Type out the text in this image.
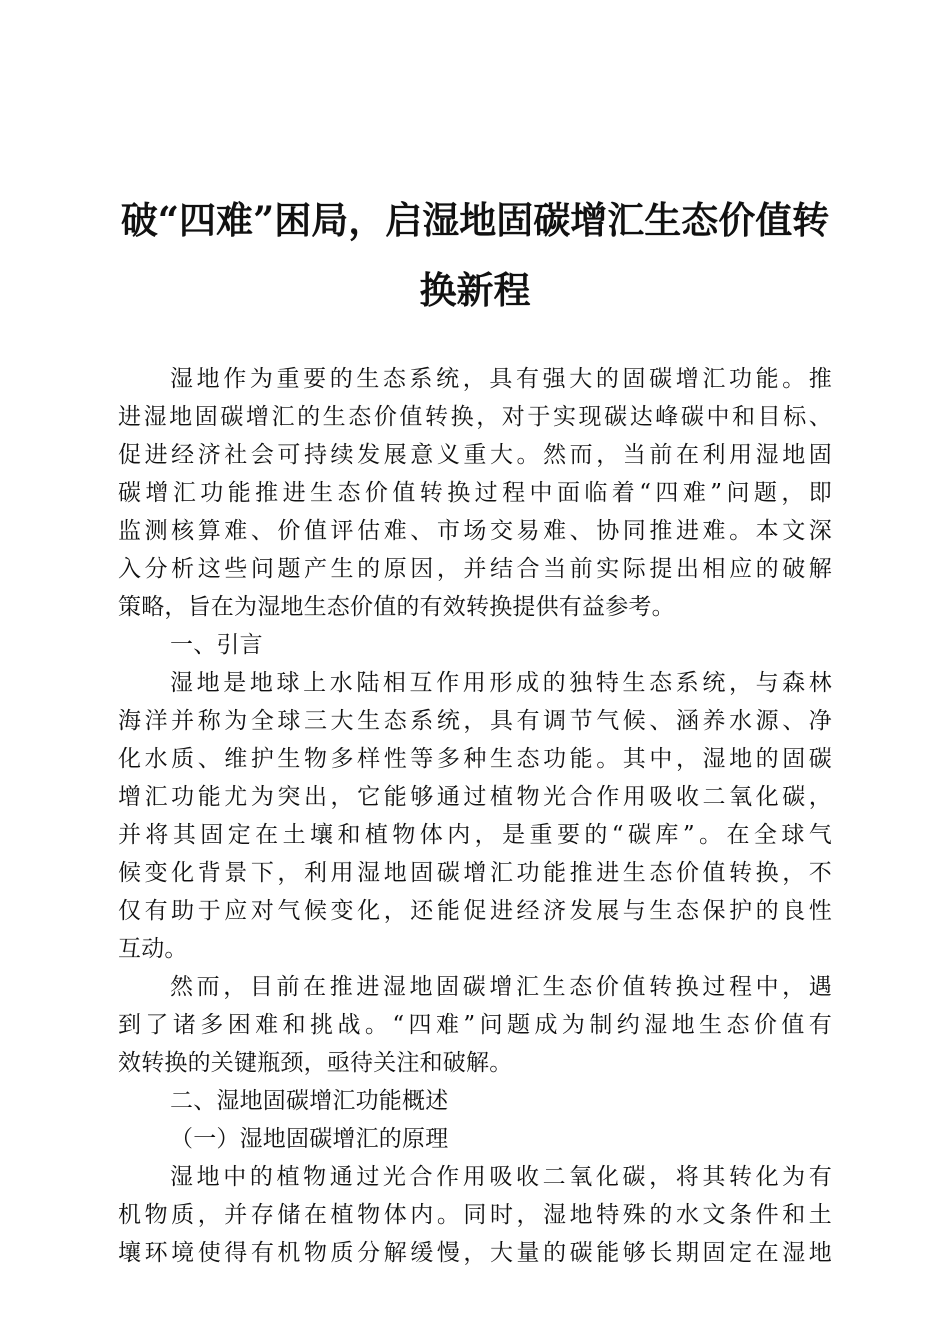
破“四难”困局，启湿地固碳增汇生态价值转
换新程
湿地作为重要的生态系统，具有强大的固碳增汇功能。推
进湿地固碳增汇的生态价值转换，对于实现碳达峰碳中和目标、
促进经济社会可持续发展意义重大。然而，当前在利用湿地固
碳增汇功能推进生态价值转换过程中面临着“四难”问题，即
监测核算难、价值评估难、市场交易难、协同推进难。本文深
入分析这些问题产生的原因，并结合当前实际提出相应的破解
策略，旨在为湿地生态价值的有效转换提供有益参考。
一、引言
湿地是地球上水陆相互作用形成的独特生态系统，与森林
海洋并称为全球三大生态系统，具有调节气候、涵养水源、净
化水质、维护生物多样性等多种生态功能。其中，湿地的固碳
增汇功能尤为突出，它能够通过植物光合作用吸收二氧化碳，
并将其固定在土壤和植物体内，是重要的“碳库”。在全球气
候变化背景下，利用湿地固碳增汇功能推进生态价值转换，不
仅有助于应对气候变化，还能促进经济发展与生态保护的良性
互动。
然而，目前在推进湿地固碳增汇生态价值转换过程中，遇
到了诸多困难和挑战。“四难”问题成为制约湿地生态价值有
效转换的关键瓶颈，亟待关注和破解。
二、湿地固碳增汇功能概述
（一）湿地固碳增汇的原理
湿地中的植物通过光合作用吸收二氧化碳，将其转化为有
机物质，并存储在植物体内。同时，湿地特殊的水文条件和土
壤环境使得有机物质分解缓慢，大量的碳能够长期固定在湿地
